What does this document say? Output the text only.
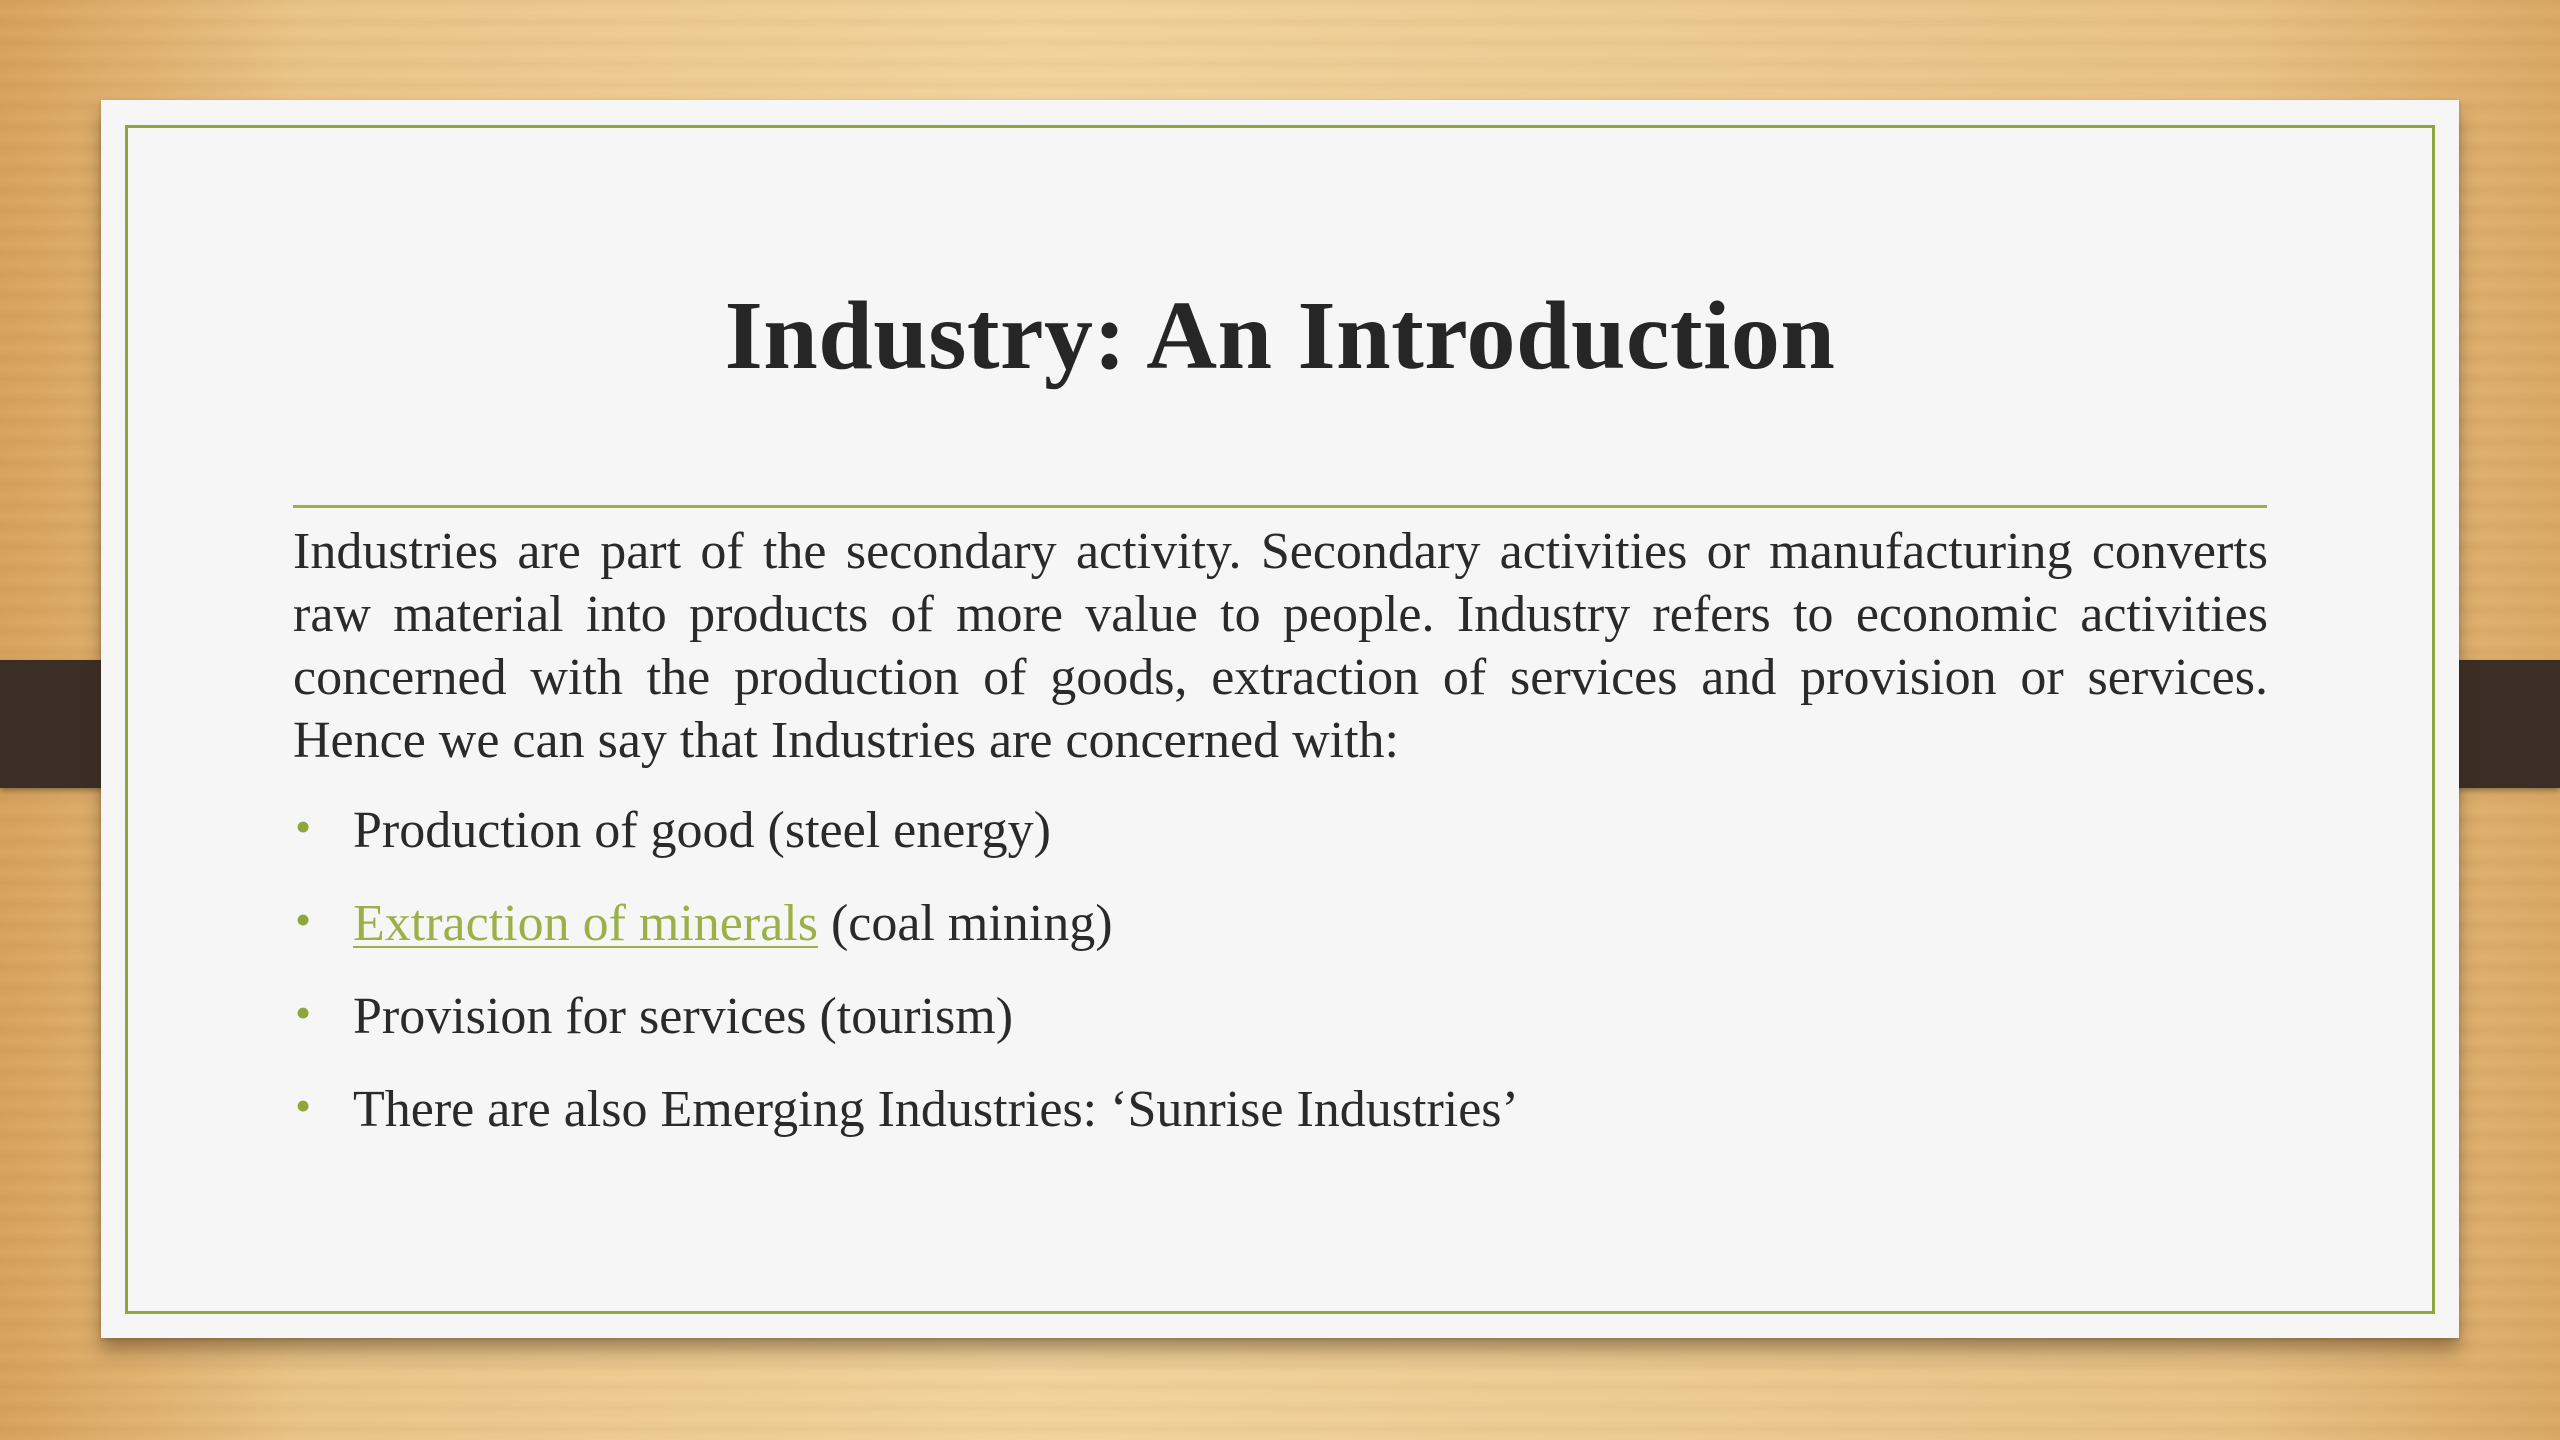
Industry: An Introduction

Industries are part of the secondary activity. Secondary activities or manufacturing converts raw material into products of more value to people. Industry refers to economic activities concerned with the production of goods, extraction of services and provision or services. Hence we can say that Industries are concerned with:

• Production of good (steel energy)
• Extraction of minerals (coal mining)
• Provision for services (tourism)
• There are also Emerging Industries: ‘Sunrise Industries’
